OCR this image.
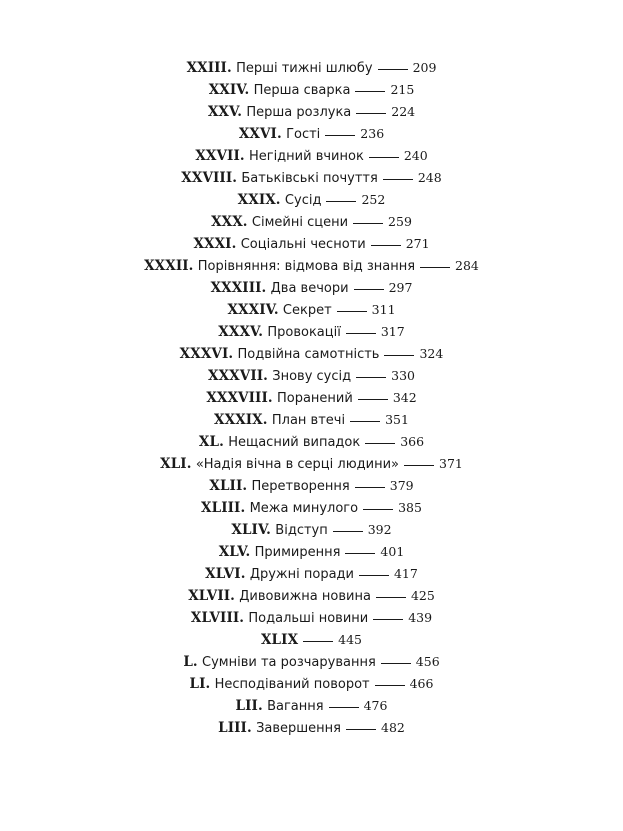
XXIII. Перші тижні шлюбу	209
XXIV. Перша сварка	215
XXV. Перша розлука	224
XXVI. Гості	236
XXVII. Негідний вчинок	240
XXVIII. Батьківські почуття	248
XXIX. Сусід	252
XXX. Сімейні сцени	259
XXXI. Соціальні чесноти	271
XXXII. Порівняння: відмова від знання	284
XXXIII. Два вечори	297
XXXIV. Секрет	311
XXXV. Провокації	317
XXXVI. Подвійна самотність	324
XXXVII. Знову сусід	330
XXXVIII. Поранений	342
XXXIX. План втечі	351
XL. Нещасний випадок	366
XLI. «Надія вічна в серці людини»	371
XLII. Перетворення	379
XLIII. Межа минулого	385
XLIV. Відступ	392
XLV. Примирення	401
XLVI. Дружні поради	417
XLVII. Дивовижна новина	425
XLVIII. Подальші новини	439
XLIX	445
L. Сумніви та розчарування	456
LI. Несподіваний поворот	466
LII. Вагання	476
LIII. Завершення	482
